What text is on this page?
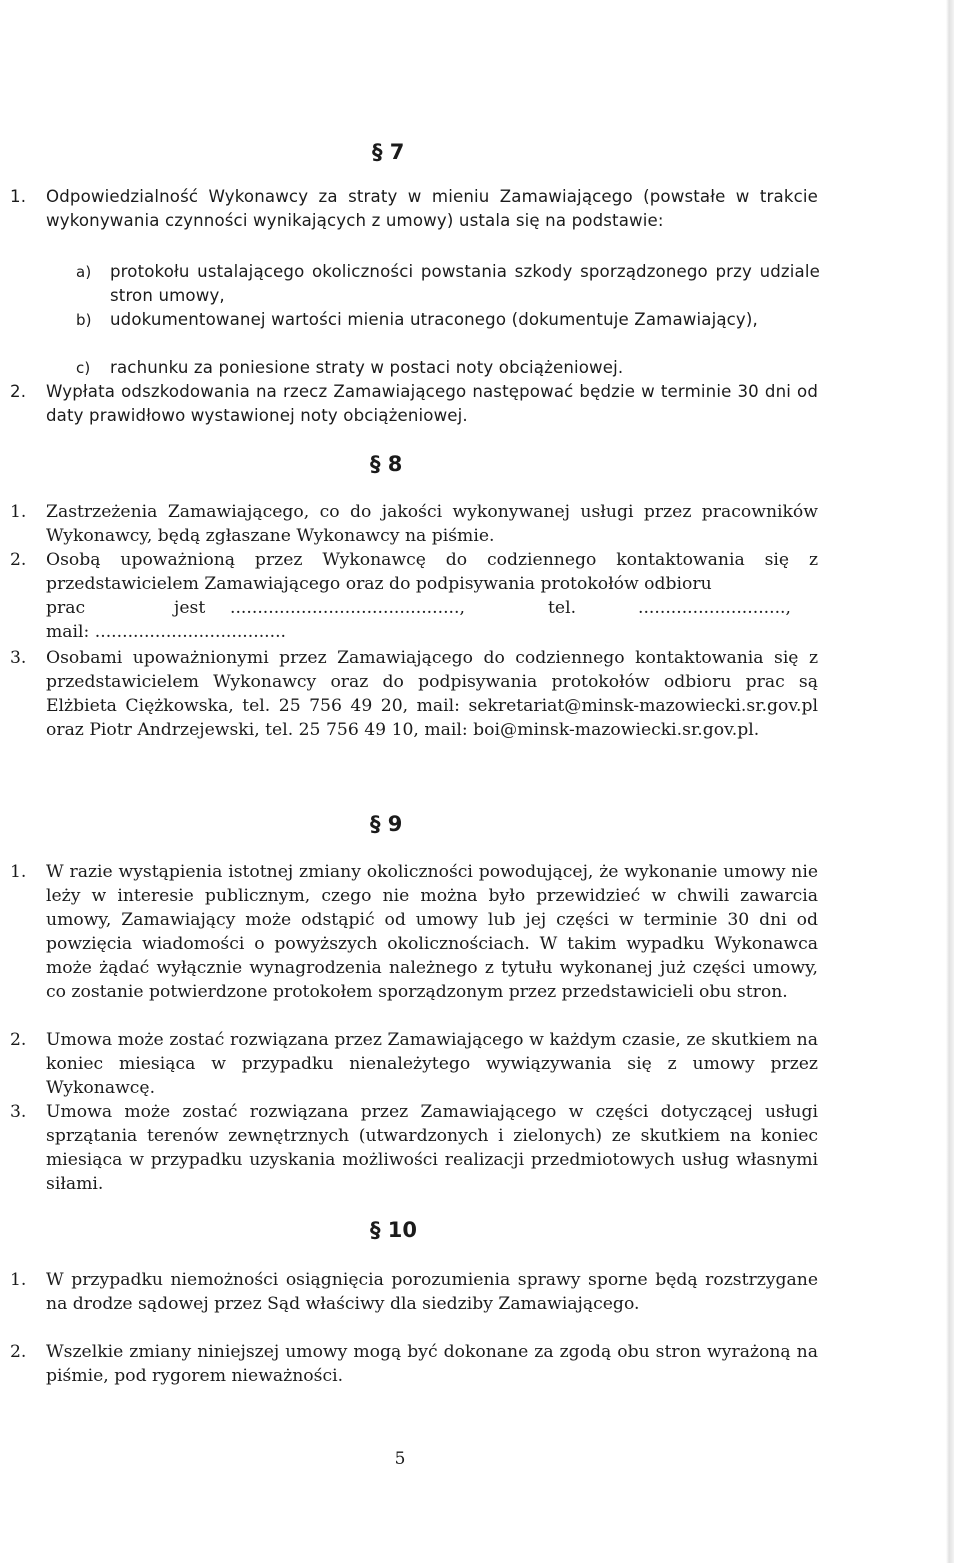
§ 7
1.	Odpowiedzialność Wykonawcy za straty w mieniu Zamawiającego (powstałe w trakcie wykonywania czynności wynikających z umowy) ustala się na podstawie:
a)	protokołu ustalającego okoliczności powstania szkody sporządzonego przy udziale stron umowy,
b)	udokumentowanej wartości mienia utraconego (dokumentuje Zamawiający),
c)	rachunku za poniesione straty w postaci noty obciążeniowej.
2.	Wypłata odszkodowania na rzecz Zamawiającego następować będzie w terminie 30 dni od daty prawidłowo wystawionej noty obciążeniowej.
§ 8
1.	Zastrzeżenia Zamawiającego, co do jakości wykonywanej usługi przez pracowników Wykonawcy, będą zgłaszane Wykonawcy na piśmie.
2.	Osobą upoważnioną przez Wykonawcę do codziennego kontaktowania się z przedstawicielem Zamawiającego oraz do podpisywania protokołów odbioru
prac	jest ..........................................,	tel.	...........................,
mail: ...................................
3.	Osobami upoważnionymi przez Zamawiającego do codziennego kontaktowania się z przedstawicielem Wykonawcy oraz do podpisywania protokołów odbioru prac są Elżbieta Ciężkowska, tel. 25 756 49 20, mail: sekretariat@minsk-mazowiecki.sr.gov.pl oraz Piotr Andrzejewski, tel. 25 756 49 10, mail: boi@minsk-mazowiecki.sr.gov.pl.
§ 9
1.	W razie wystąpienia istotnej zmiany okoliczności powodującej, że wykonanie umowy nie leży w interesie publicznym, czego nie można było przewidzieć w chwili zawarcia umowy, Zamawiający może odstąpić od umowy lub jej części w terminie 30 dni od powzięcia wiadomości o powyższych okolicznościach. W takim wypadku Wykonawca może żądać wyłącznie wynagrodzenia należnego z tytułu wykonanej już części umowy, co zostanie potwierdzone protokołem sporządzonym przez przedstawicieli obu stron.
2.	Umowa może zostać rozwiązana przez Zamawiającego w każdym czasie, ze skutkiem na koniec miesiąca w przypadku nienależytego wywiązywania się z umowy przez Wykonawcę.
3.	Umowa może zostać rozwiązana przez Zamawiającego w części dotyczącej usługi sprzątania terenów zewnętrznych (utwardzonych i zielonych) ze skutkiem na koniec miesiąca w przypadku uzyskania możliwości realizacji przedmiotowych usług własnymi siłami.
§ 10
1.	W przypadku niemożności osiągnięcia porozumienia sprawy sporne będą rozstrzygane na drodze sądowej przez Sąd właściwy dla siedziby Zamawiającego.
2.	Wszelkie zmiany niniejszej umowy mogą być dokonane za zgodą obu stron wyrażoną na piśmie, pod rygorem nieważności.
5
